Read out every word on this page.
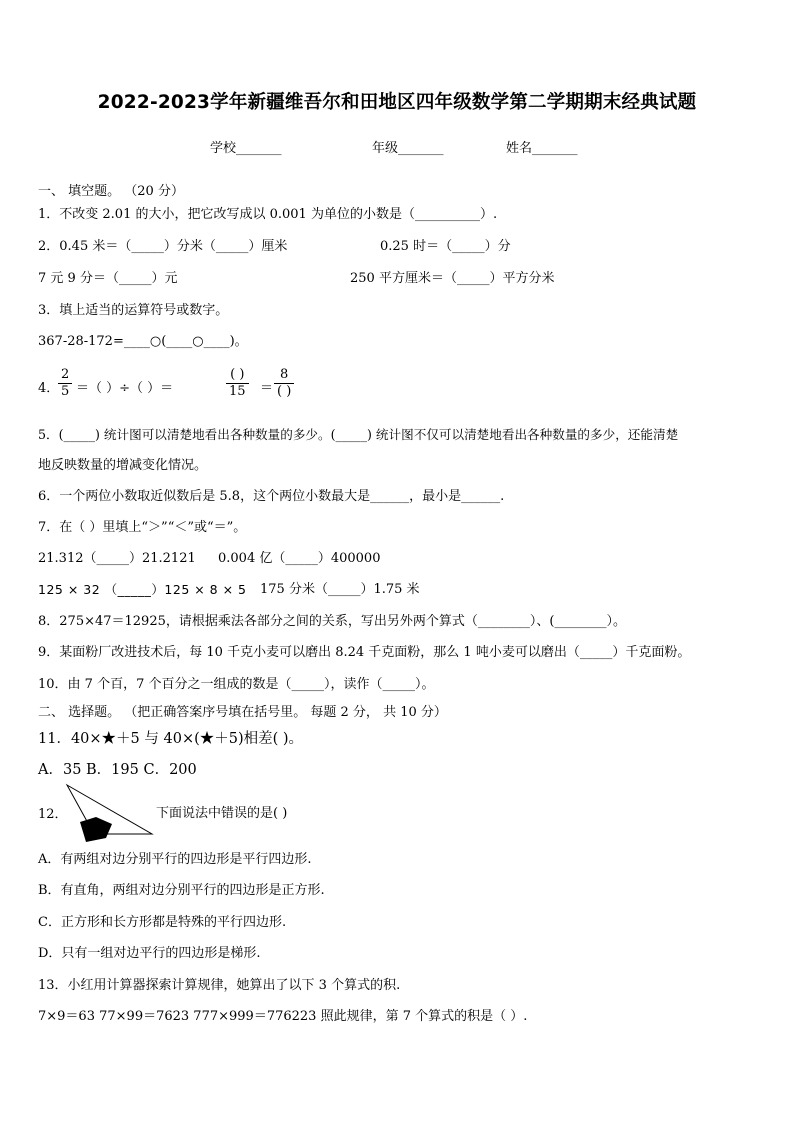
2022-2023学年新疆维吾尔和田地区四年级数学第二学期期末经典试题
学校_______	年级_______	姓名_______
一、 填空题。 （20 分）
1．不改变 2.01 的大小，把它改写成以 0.001 为单位的小数是（__________）.
2．0.45 米＝（_____）分米（_____）厘米	0.25 时＝（_____）分
7 元 9 分＝（_____）元	250 平方厘米＝（_____）平方分米
3．填上适当的运算符号或数字。
367-28-172=____○(____○____)。
4．
2
5 ＝（ ）÷（ ）＝
( )
15 ＝
8
( )
5．(_____) 统计图可以清楚地看出各种数量的多少。(_____) 统计图不仅可以清楚地看出各种数量的多少，还能清楚
地反映数量的增减变化情况。
6．一个两位小数取近似数后是 5.8，这个两位小数最大是______，最小是______.
7．在（ ）里填上“＞”“＜”或“＝”。
21.312（_____）21.2121 0.004 亿（_____）400000
125 × 32 （_____）125 × 8 × 5 175 分米（_____）1.75 米
8．275×47＝12925，请根据乘法各部分之间的关系，写出另外两个算式（________）、(________）。
9．某面粉厂改进技术后，每 10 千克小麦可以磨出 8.24 千克面粉，那么 1 吨小麦可以磨出（_____）千克面粉。
10．由 7 个百，7 个百分之一组成的数是（_____），读作（_____）。
二、 选择题。 （把正确答案序号填在括号里。 每题 2 分， 共 10 分）
11．40×★＋5 与 40×(★＋5)相差( )。
A．35 B．195 C．200
12．	下面说法中错误的是( )
A．有两组对边分别平行的四边形是平行四边形.
B．有直角，两组对边分别平行的四边形是正方形.
C．正方形和长方形都是特殊的平行四边形.
D．只有一组对边平行的四边形是梯形.
13．小红用计算器探索计算规律，她算出了以下 3 个算式的积.
7×9＝63 77×99＝7623 777×999＝776223 照此规律，第 7 个算式的积是（ ）.
